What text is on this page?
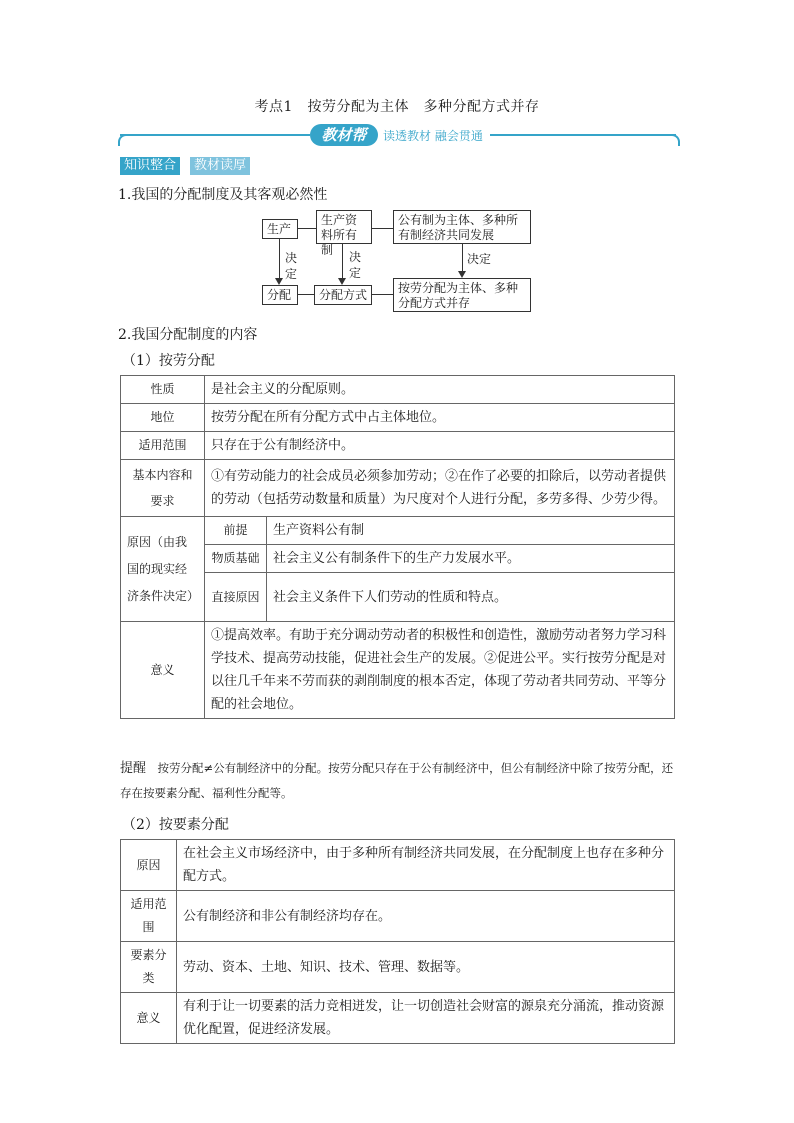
考点1　按劳分配为主体　多种分配方式并存
教材帮	读透教材 融会贯通
知识整合	教材读厚
1.我国的分配制度及其客观必然性
生产
生产资料所有制
公有制为主体、多种所有制经济共同发展
分配	分配方式	按劳分配为主体、多种分配方式并存
决
定
决
定
决定
2.我国分配制度的内容
（1）按劳分配
性质	是社会主义的分配原则。	
地位	按劳分配在所有分配方式中占主体地位。	
适用范围	只存在于公有制经济中。	
基本内容和要求	①有劳动能力的社会成员必须参加劳动；②在作了必要的扣除后，以劳动者提供的劳动（包括劳动数量和质量）为尺度对个人进行分配，多劳多得、少劳少得。	
原因（由我国的现实经济条件决定）	前提	生产资料公有制
	物质基础	社会主义公有制条件下的生产力发展水平。
	直接原因	社会主义条件下人们劳动的性质和特点。
意义	①提高效率。有助于充分调动劳动者的积极性和创造性，激励劳动者努力学习科学技术、提高劳动技能，促进社会生产的发展。②促进公平。实行按劳分配是对以往几千年来不劳而获的剥削制度的根本否定，体现了劳动者共同劳动、平等分配的社会地位。	
提醒　按劳分配≠公有制经济中的分配。按劳分配只存在于公有制经济中，但公有制经济中除了按劳分配，还存在按要素分配、福利性分配等。
（2）按要素分配
原因	在社会主义市场经济中，由于多种所有制经济共同发展，在分配制度上也存在多种分配方式。
适用范围	公有制经济和非公有制经济均存在。
要素分类	劳动、资本、土地、知识、技术、管理、数据等。
意义	有利于让一切要素的活力竞相迸发，让一切创造社会财富的源泉充分涌流，推动资源优化配置，促进经济发展。
